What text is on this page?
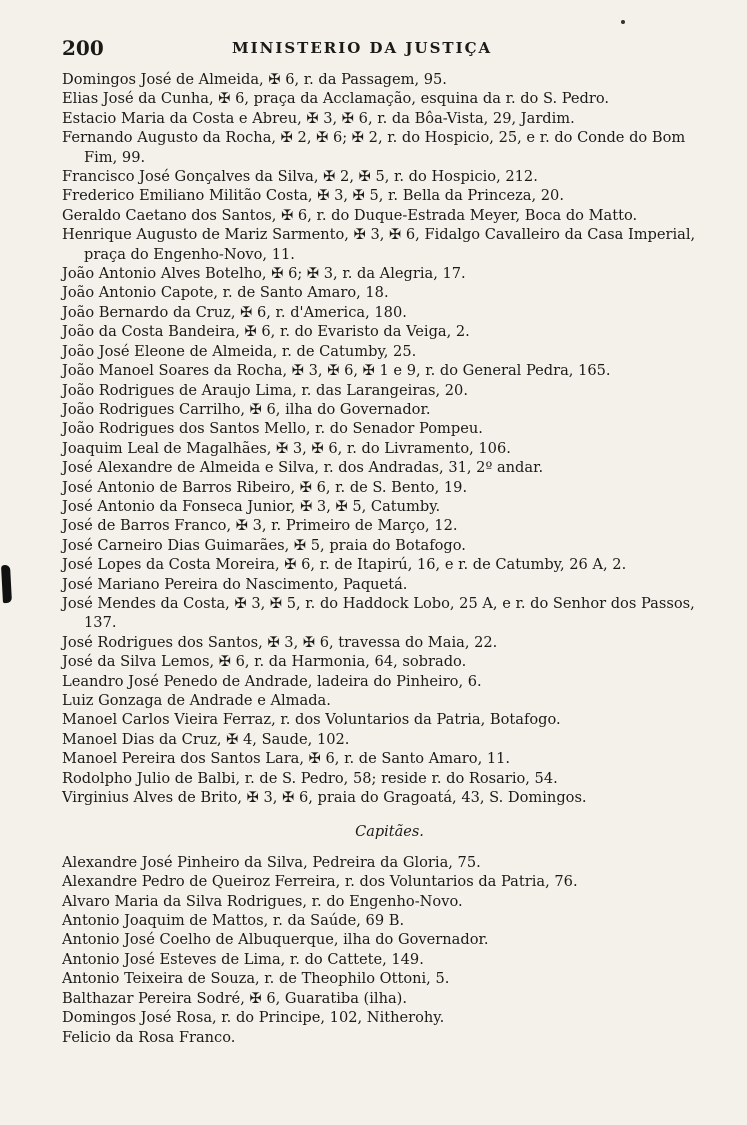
200	MINISTERIO DA JUSTIÇA

Domingos José de Almeida, ✠ 6, r. da Passagem, 95.

Elias José da Cunha, ✠ 6, praça da Acclamação, esquina da r. do S. Pedro.

Estacio Maria da Costa e Abreu, ✠ 3, ✠ 6, r. da Bôa-Vista, 29, Jardim.

Fernando Augusto da Rocha, ✠ 2, ✠ 6; ✠ 2, r. do Hospicio, 25, e r. do Conde do Bom Fim, 99.

Francisco José Gonçalves da Silva, ✠ 2, ✠ 5, r. do Hospicio, 212.

Frederico Emiliano Militão Costa, ✠ 3, ✠ 5, r. Bella da Princeza, 20.

Geraldo Caetano dos Santos, ✠ 6, r. do Duque-Estrada Meyer, Boca do Matto.

Henrique Augusto de Mariz Sarmento, ✠ 3, ✠ 6, Fidalgo Cavalleiro da Casa Imperial, praça do Engenho-Novo, 11.

João Antonio Alves Botelho, ✠ 6; ✠ 3, r. da Alegria, 17.

João Antonio Capote, r. de Santo Amaro, 18.

João Bernardo da Cruz, ✠ 6, r. d'America, 180.

João da Costa Bandeira, ✠ 6, r. do Evaristo da Veiga, 2.

João José Eleone de Almeida, r. de Catumby, 25.

João Manoel Soares da Rocha, ✠ 3, ✠ 6, ✠ 1 e 9, r. do General Pedra, 165.

João Rodrigues de Araujo Lima, r. das Larangeiras, 20.

João Rodrigues Carrilho, ✠ 6, ilha do Governador.

João Rodrigues dos Santos Mello, r. do Senador Pompeu.

Joaquim Leal de Magalhães, ✠ 3, ✠ 6, r. do Livramento, 106.

José Alexandre de Almeida e Silva, r. dos Andradas, 31, 2º andar.

José Antonio de Barros Ribeiro, ✠ 6, r. de S. Bento, 19.

José Antonio da Fonseca Junior, ✠ 3, ✠ 5, Catumby.

José de Barros Franco, ✠ 3, r. Primeiro de Março, 12.

José Carneiro Dias Guimarães, ✠ 5, praia do Botafogo.

José Lopes da Costa Moreira, ✠ 6, r. de Itapirú, 16, e r. de Catumby, 26 A, 2.

José Mariano Pereira do Nascimento, Paquetá.

José Mendes da Costa, ✠ 3, ✠ 5, r. do Haddock Lobo, 25 A, e r. do Senhor dos Passos, 137.

José Rodrigues dos Santos, ✠ 3, ✠ 6, travessa do Maia, 22.

José da Silva Lemos, ✠ 6, r. da Harmonia, 64, sobrado.

Leandro José Penedo de Andrade, ladeira do Pinheiro, 6.

Luiz Gonzaga de Andrade e Almada.

Manoel Carlos Vieira Ferraz, r. dos Voluntarios da Patria, Botafogo.

Manoel Dias da Cruz, ✠ 4, Saude, 102.

Manoel Pereira dos Santos Lara, ✠ 6, r. de Santo Amaro, 11.

Rodolpho Julio de Balbi, r. de S. Pedro, 58; reside r. do Rosario, 54.

Virginius Alves de Brito, ✠ 3, ✠ 6, praia do Gragoatá, 43, S. Domingos.

Capitães.

Alexandre José Pinheiro da Silva, Pedreira da Gloria, 75.

Alexandre Pedro de Queiroz Ferreira, r. dos Voluntarios da Patria, 76.

Alvaro Maria da Silva Rodrigues, r. do Engenho-Novo.

Antonio Joaquim de Mattos, r. da Saúde, 69 B.

Antonio José Coelho de Albuquerque, ilha do Governador.

Antonio José Esteves de Lima, r. do Cattete, 149.

Antonio Teixeira de Souza, r. de Theophilo Ottoni, 5.

Balthazar Pereira Sodré, ✠ 6, Guaratiba (ilha).

Domingos José Rosa, r. do Principe, 102, Nitherohy.

Felicio da Rosa Franco.
